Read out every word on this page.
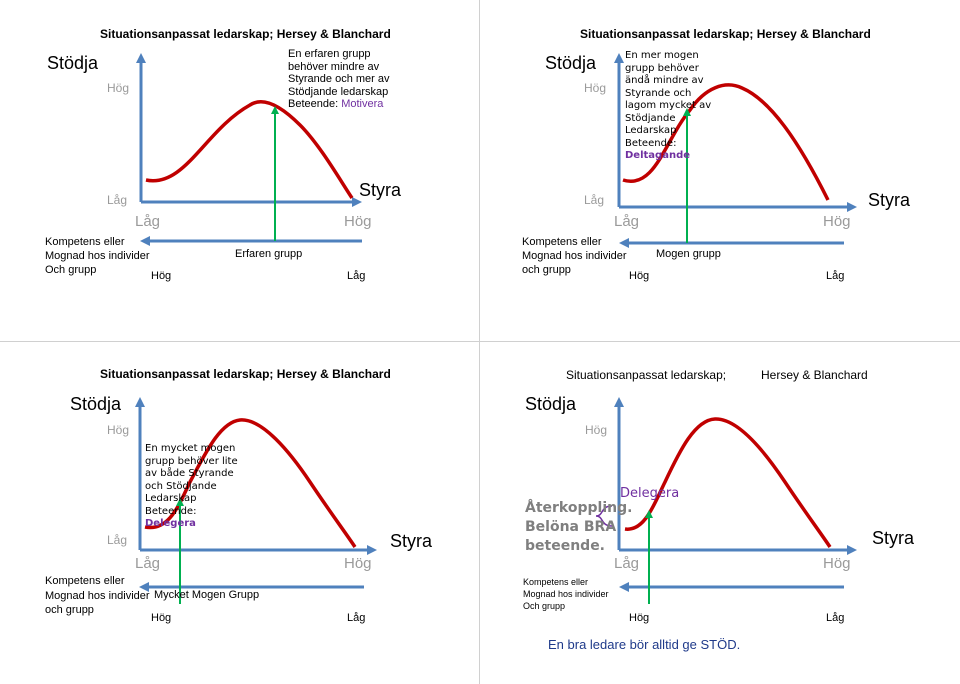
Situationsanpassat ledarskap; Hersey & Blanchard
Stödja
Hög
Låg
Låg	Hög
Styra
Kompetens eller
Mognad hos individer
Och grupp
Erfaren grupp
Hög	Låg
En erfaren grupp behöver mindre av Styrande och mer av Stödjande ledarskap Beteende: Motivera
Situationsanpassat ledarskap; Hersey & Blanchard
Stödja
Hög
Låg
Låg	Hög
Styra
Kompetens eller
Mognad hos individer
och grupp
Mogen grupp
Hög	Låg
En mer mogen grupp behöver ändå mindre av Styrande och lagom mycket av Stödjande Ledarskap Beteende: Deltagande
Situationsanpassat ledarskap; Hersey & Blanchard
Stödja
Hög
Låg
Låg	Hög
Styra
Kompetens eller
Mognad hos individer
och grupp
Mycket Mogen Grupp
Hög	Låg
En mycket mogen grupp behöver lite av både Styrande och Stödjande Ledarskap Beteende: Delegera
Situationsanpassat ledarskap;	Hersey & Blanchard
Stödja
Hög
Låg	Hög
Styra
Återkoppling. Belöna BRA beteende.
Delegera
Kompetens eller
Mognad hos individer
Och grupp
Hög	Låg
En bra ledare bör alltid ge STÖD.
